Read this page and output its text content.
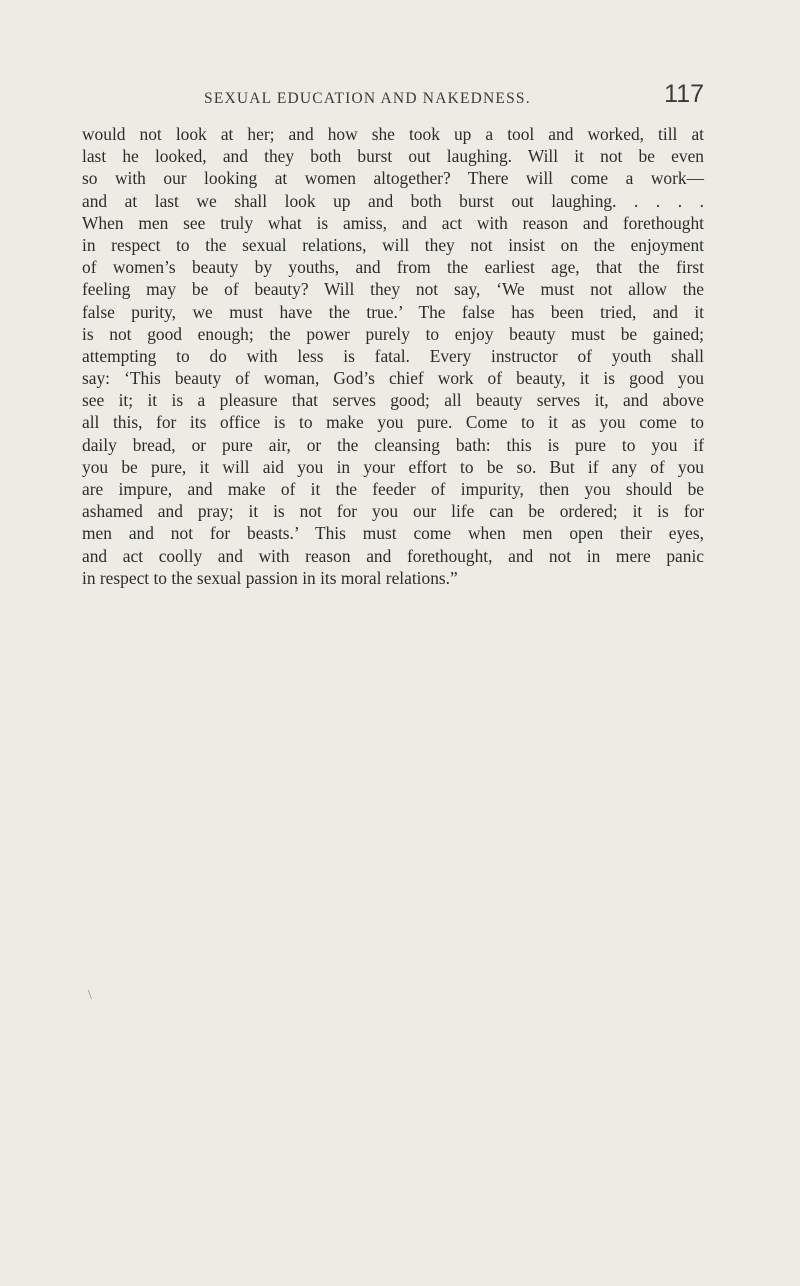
SEXUAL EDUCATION AND NAKEDNESS.	117
would not look at her; and how she took up a tool and worked, till at
last he looked, and they both burst out laughing. Will it not be even
so with our looking at women altogether? There will come a work—
and at last we shall look up and both burst out laughing. . . . .
When men see truly what is amiss, and act with reason and forethought
in respect to the sexual relations, will they not insist on the enjoyment
of women’s beauty by youths, and from the earliest age, that the first
feeling may be of beauty? Will they not say, ‘We must not allow the
false purity, we must have the true.’ The false has been tried, and it
is not good enough; the power purely to enjoy beauty must be gained;
attempting to do with less is fatal. Every instructor of youth shall
say: ‘This beauty of woman, God’s chief work of beauty, it is good you
see it; it is a pleasure that serves good; all beauty serves it, and above
all this, for its office is to make you pure. Come to it as you come to
daily bread, or pure air, or the cleansing bath: this is pure to you if
you be pure, it will aid you in your effort to be so. But if any of you
are impure, and make of it the feeder of impurity, then you should be
ashamed and pray; it is not for you our life can be ordered; it is for
men and not for beasts.’ This must come when men open their eyes,
and act coolly and with reason and forethought, and not in mere panic
in respect to the sexual passion in its moral relations.”
\
